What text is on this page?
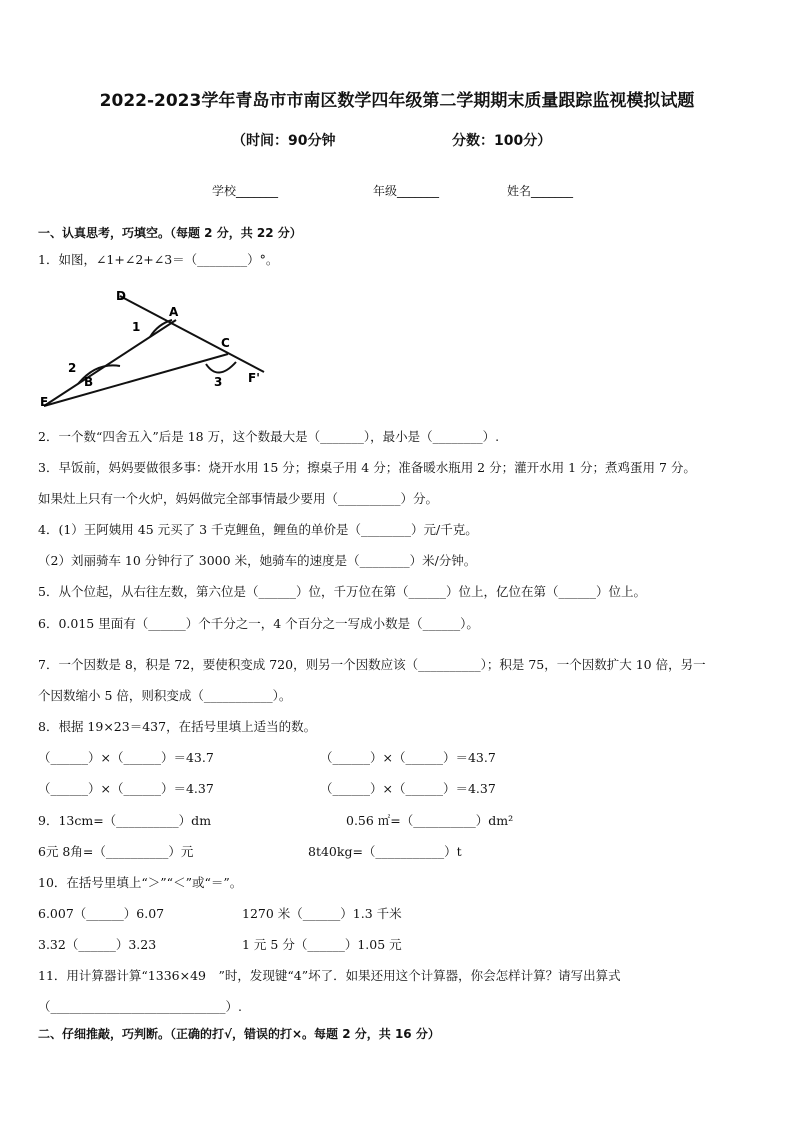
2022-2023学年青岛市市南区数学四年级第二学期期末质量跟踪监视模拟试题
（时间：90分钟	分数：100分）
学校_______	年级_______	姓名_______
一、认真思考，巧填空。（每题 2 分，共 22 分）
1．如图，∠1+∠2+∠3＝（________）°。
D
A
C
F'
B
E
1
2
3
2．一个数“四舍五入”后是 18 万，这个数最大是（_______），最小是（________）.
3．早饭前，妈妈要做很多事：烧开水用 15 分；擦桌子用 4 分；准备暖水瓶用 2 分；灌开水用 1 分；煮鸡蛋用 7 分。
如果灶上只有一个火炉，妈妈做完全部事情最少要用（__________）分。
4．(1）王阿姨用 45 元买了 3 千克鲤鱼，鲤鱼的单价是（________）元/千克。
（2）刘丽骑车 10 分钟行了 3000 米，她骑车的速度是（________）米/分钟。
5．从个位起，从右往左数，第六位是（______）位，千万位在第（______）位上，亿位在第（______）位上。
6．0.015 里面有（______）个千分之一，4 个百分之一写成小数是（______）。
7．一个因数是 8，积是 72，要使积变成 720，则另一个因数应该（__________）；积是 75，一个因数扩大 10 倍，另一
个因数缩小 5 倍，则积变成（___________）。
8．根据 19×23＝437，在括号里填上适当的数。
（______）×（______）＝43.7	（______）×（______）＝43.7
（______）×（______）＝4.37	（______）×（______）＝4.37
9．13cm=（__________）dm	0.56 ㎡=（__________）dm²
6元 8角=（__________）元	8t40kg=（___________）t
10．在括号里填上“＞”“＜”或“＝”。
6.007（______）6.07	1270 米（______）1.3 千米
3.32（______）3.23	1 元 5 分（______）1.05 元
11．用计算器计算“1336×49　”时，发现键“4”坏了．如果还用这个计算器，你会怎样计算？请写出算式
（____________________________）.
二、仔细推敲，巧判断。（正确的打√，错误的打×。每题 2 分，共 16 分）
